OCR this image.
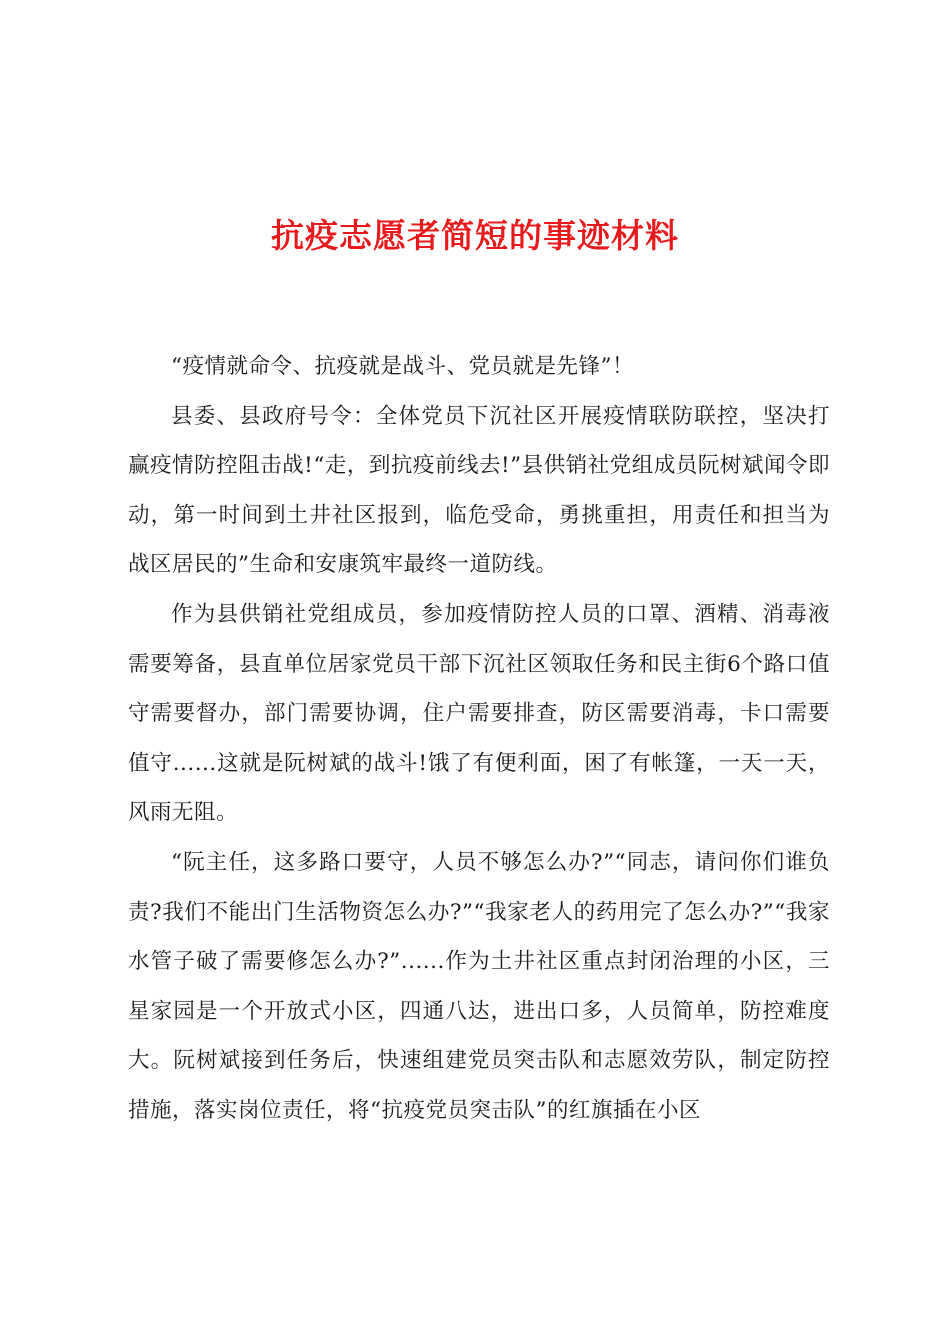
抗疫志愿者简短的事迹材料

“疫情就命令、抗疫就是战斗、党员就是先锋”！

县委、县政府号令：全体党员下沉社区开展疫情联防联控，坚决打赢疫情防控阻击战!“走，到抗疫前线去!”县供销社党组成员阮树斌闻令即动，第一时间到土井社区报到，临危受命，勇挑重担，用责任和担当为战区居民的”生命和安康筑牢最终一道防线。

作为县供销社党组成员，参加疫情防控人员的口罩、酒精、消毒液需要筹备，县直单位居家党员干部下沉社区领取任务和民主街6个路口值守需要督办，部门需要协调，住户需要排查，防区需要消毒，卡口需要值守......这就是阮树斌的战斗!饿了有便利面，困了有帐篷，一天一天，风雨无阻。

“阮主任，这多路口要守，人员不够怎么办?”“同志，请问你们谁负责?我们不能出门生活物资怎么办?”“我家老人的药用完了怎么办?”“我家水管子破了需要修怎么办?”......作为土井社区重点封闭治理的小区，三星家园是一个开放式小区，四通八达，进出口多，人员简单，防控难度大。阮树斌接到任务后，快速组建党员突击队和志愿效劳队，制定防控措施，落实岗位责任，将“抗疫党员突击队”的红旗插在小区
